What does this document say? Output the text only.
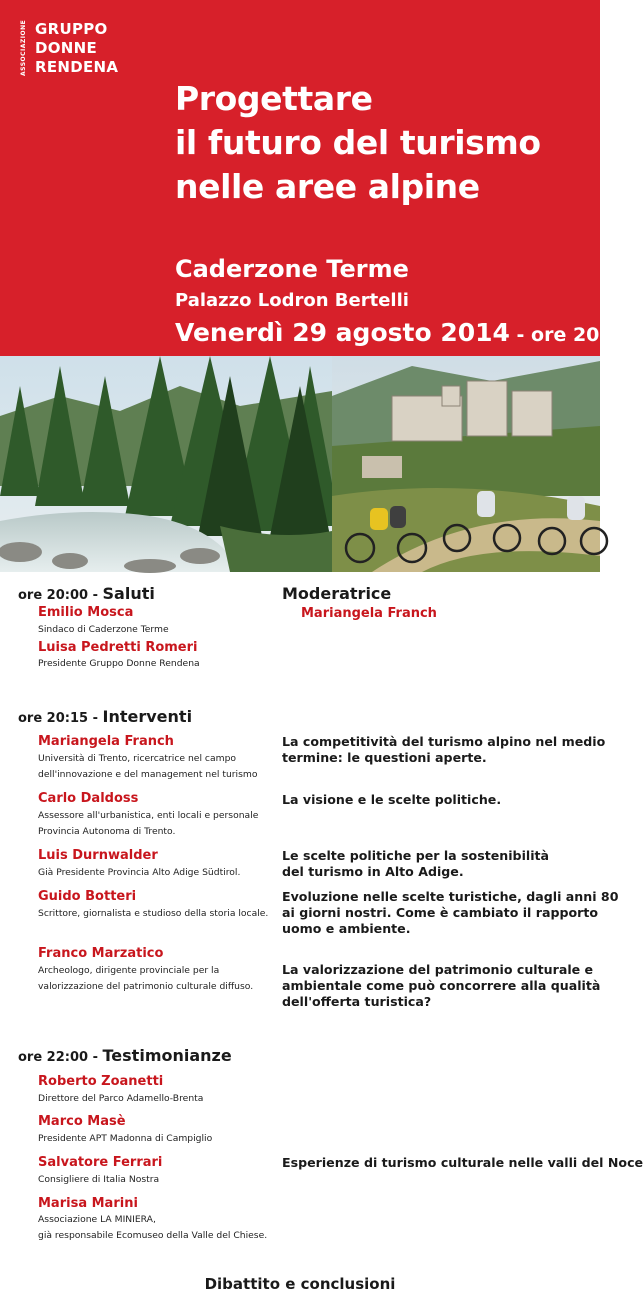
ASSOCIAZIONE GRUPPO
DONNE
RENDENA
Progettare
il futuro del turismo
nelle aree alpine
Caderzone Terme
Palazzo Lodron Bertelli
Venerdì 29 agosto 2014 - ore 20:00
ore 20:00 - Saluti
Emilio Mosca
Sindaco di Caderzone Terme
Luisa Pedretti Romeri
Presidente Gruppo Donne Rendena
Moderatrice
Mariangela Franch
ore 20:15 - Interventi
Mariangela Franch
Università di Trento, ricercatrice nel campo
dell'innovazione e del management nel turismo
La competitività del turismo alpino nel medio
termine: le questioni aperte.
Carlo Daldoss
Assessore all'urbanistica, enti locali e personale
Provincia Autonoma di Trento.
La visione e le scelte politiche.
Luis Durnwalder
Già Presidente Provincia Alto Adige Südtirol.
Le scelte politiche per la sostenibilità
del turismo in Alto Adige.
Guido Botteri
Scrittore, giornalista e studioso della storia locale.
Evoluzione nelle scelte turistiche, dagli anni 80
ai giorni nostri. Come è cambiato il rapporto
uomo e ambiente.
Franco Marzatico
Archeologo, dirigente provinciale per la
valorizzazione del patrimonio culturale diffuso.
La valorizzazione del patrimonio culturale e
ambientale come può concorrere alla qualità
dell'offerta turistica?
ore 22:00 - Testimonianze
Roberto Zoanetti
Direttore del Parco Adamello-Brenta
Marco Masè
Presidente APT Madonna di Campiglio
Salvatore Ferrari
Consigliere di Italia Nostra
Esperienze di turismo culturale nelle valli del Noce
Marisa Marini
Associazione LA MINIERA,
già responsabile Ecomuseo della Valle del Chiese.
Dibattito e conclusioni
